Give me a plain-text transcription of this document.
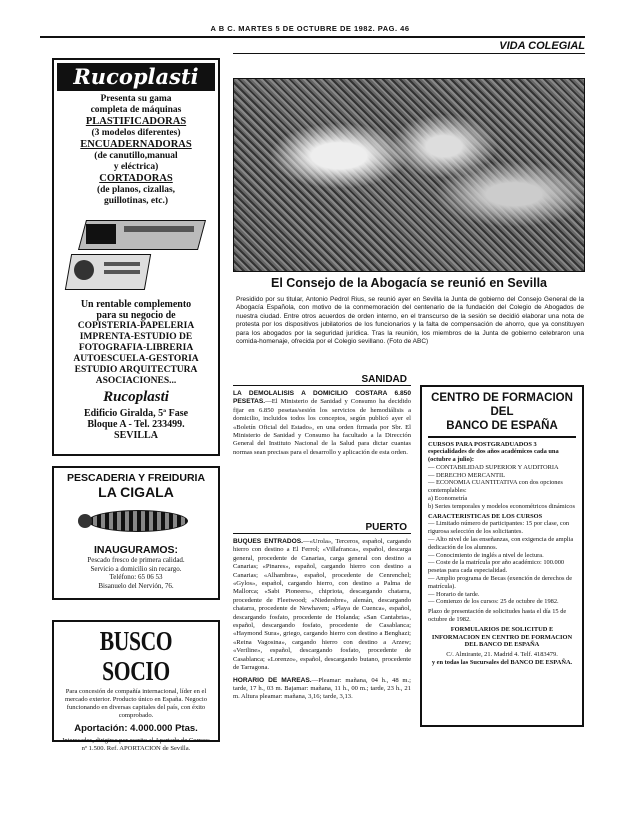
A B C. MARTES 5 DE OCTUBRE DE 1982. PAG. 46
VIDA COLEGIAL
Rucoplasti
Presenta su gama
completa de máquinas
PLASTIFICADORAS
(3 modelos diferentes)
ENCUADERNADORAS
(de canutillo,manual
y eléctrica)
CORTADORAS
(de planos, cizallas,
guillotinas, etc.)
Un rentable complemento
para su negocio de
COPISTERIA-PAPELERIA
IMPRENTA-ESTUDIO DE
FOTOGRAFIA-LIBRERIA
AUTOESCUELA-GESTORIA
ESTUDIO ARQUITECTURA
ASOCIACIONES...
Rucoplasti
Edificio Giralda, 5ª Fase
Bloque A - Tel. 233499.
SEVILLA
PESCADERIA Y FREIDURIA
LA CIGALA
INAUGURAMOS:
Pescado fresco de primera calidad.
Servicio a domicilio sin recargo.
Teléfono: 65 06 53
Bisanuelo del Nervión, 76.
BUSCO SOCIO
Para concesión de compañía internacional, líder en el mercado exterior. Producto único en España. Negocio funcionando en diversas capitales del país, con éxito comprobado.
Aportación: 4.000.000 Ptas.
Interesados, dirigirse por escrito al Apartado de Correos nº 1.500. Ref. APORTACION de Sevilla.
El Consejo de la Abogacía se reunió en Sevilla
Presidido por su titular, Antonio Pedrol Rius, se reunió ayer en Sevilla la Junta de gobierno del Consejo General de la Abogacía Española, con motivo de la conmemoración del centenario de la fundación del Colegio de Abogados de nuestra ciudad. Entre otros acuerdos de orden interno, en el transcurso de la sesión se decidió elaborar una nota de protesta por los dispositivos jubilatorios de los funcionarios y la falta de compensación de ahorro, que ya constituyen para los abogados por la seguridad jurídica. Tras la reunión, los miembros de la Junta de gobierno celebraron una comida-homenaje, ofrecida por el Colegio sevillano. (Foto de ABC)
SANIDAD
LA DEMOLALISIS A DOMICILIO COSTARA 6.850 PESETAS.—El Ministerio de Sanidad y Consumo ha decidido fijar en 6.850 pesetas/sesión los servicios de hemodiálisis a domicilio, incluidos todos los conceptos, según publicó ayer el «Boletín Oficial del Estado», en una orden firmada por Sbr. El Ministerio de Sanidad y Consumo ha facultado a la Dirección General del Instituto Nacional de la Salud para dictar cuantas normas sean precisas para el desarrollo y aplicación de esta orden.
PUERTO
BUQUES ENTRADOS.—«Urola», Terceros, español, cargando hierro con destino a El Ferrol; «Villafranca», español, descarga general, procedente de Canarias, carga general con destino a Canarias; «Pinares», español, cargando hierro con destino a Canarias; «Alhambra», español, procedente de Cenrenchel; «Gylos», español, cargando hierro, con destino a Palma de Mallorca; «Sabi Pioneers», chipriota, descargando chatarra, procedente de Fleetwood; «Niedersbre», alemán, descargando chatarra, procedente de Newhaven; «Playa de Cuenca», español, descargando fosfato, procedente de Holanda; «San Cantabria», español, descargando fosfato, procedente de Casablanca; «Haymond Sura», griego, cargando hierro con destino a Benghazi; «Reina Vagosina», cargando hierro con destino a Arzew; «Veriline», español, descargando fosfato, procedente de Casablanca; «Lorenzo», español, descargando butano, procedente de Tarragona.
HORARIO DE MAREAS.—Pleamar: mañana, 04 h., 48 m.; tarde, 17 h., 03 m. Bajamar: mañana, 11 h., 00 m.; tarde, 23 h., 21 m. Altura pleamar: mañana, 3,16; tarde, 3,13.
CENTRO DE FORMACION DEL
BANCO DE ESPAÑA
CURSOS PARA POSTGRADUADOS 3 especialidades de dos años académicos cada una (octubre a julio):
— CONTABILIDAD SUPERIOR Y AUDITORIA
— DERECHO MERCANTIL
— ECONOMIA CUANTITATIVA con dos opciones contemplables:
a) Econometría
b) Series temporales y modelos econométricos dinámicos
CARACTERISTICAS DE LOS CURSOS
— Limitado número de participantes: 15 por clase, con rigurosa selección de los solicitantes.
— Alto nivel de las enseñanzas, con exigencia de amplia dedicación de los alumnos.
— Conocimiento de inglés a nivel de lectura.
— Coste de la matrícula por año académico: 100.000 pesetas para cada especialidad.
— Amplio programa de Becas (exención de derechos de matrícula).
— Horario de tarde.
— Comienzo de los cursos: 25 de octubre de 1982.
Plazo de presentación de solicitudes hasta el día 15 de octubre de 1982.
FORMULARIOS DE SOLICITUD E INFORMACION EN CENTRO DE FORMACION DEL BANCO DE ESPAÑA
C/. Almirante, 21. Madrid 4. Telf. 4183479.
y en todas las Sucursales del BANCO DE ESPAÑA.
